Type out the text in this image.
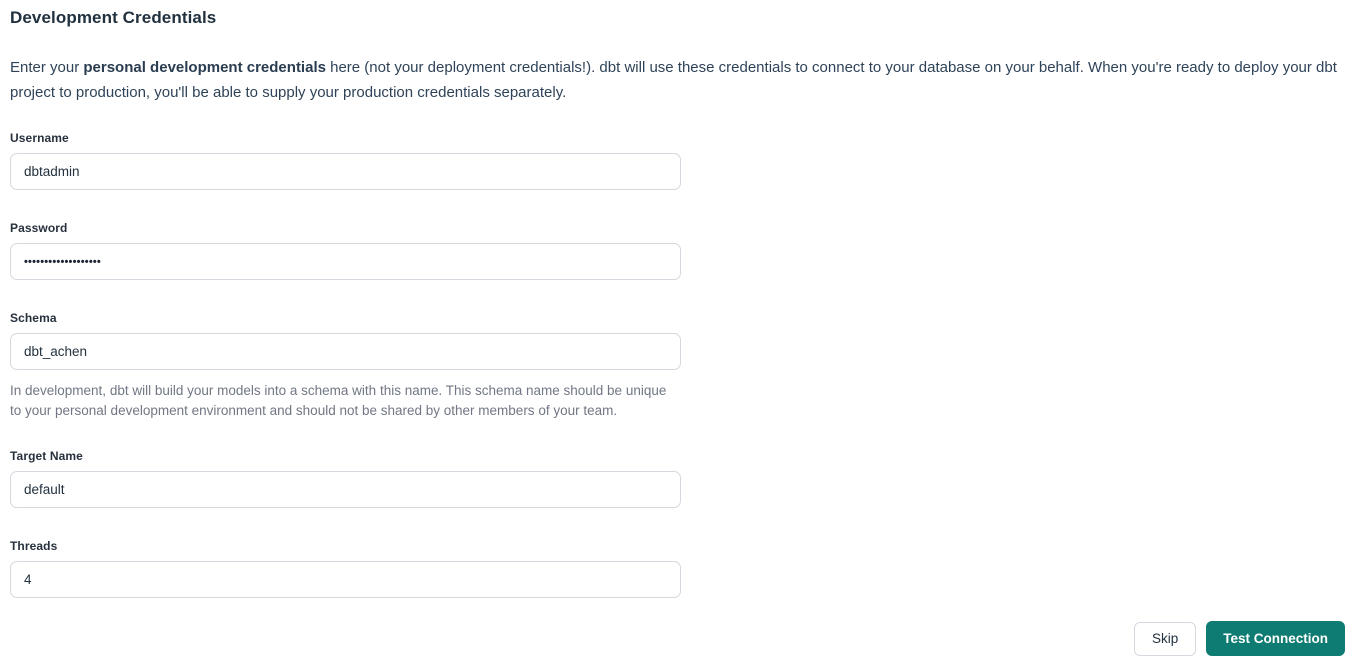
Development Credentials

Enter your personal development credentials here (not your deployment credentials!). dbt will use these credentials to connect to your database on your behalf. When you're ready to deploy your dbt project to production, you'll be able to supply your production credentials separately.

Username
dbtadmin
Password
•••••••••••••••••••
Schema
dbt_achen
In development, dbt will build your models into a schema with this name. This schema name should be unique to your personal development environment and should not be shared by other members of your team.
Target Name
default
Threads
4
Skip	Test Connection
